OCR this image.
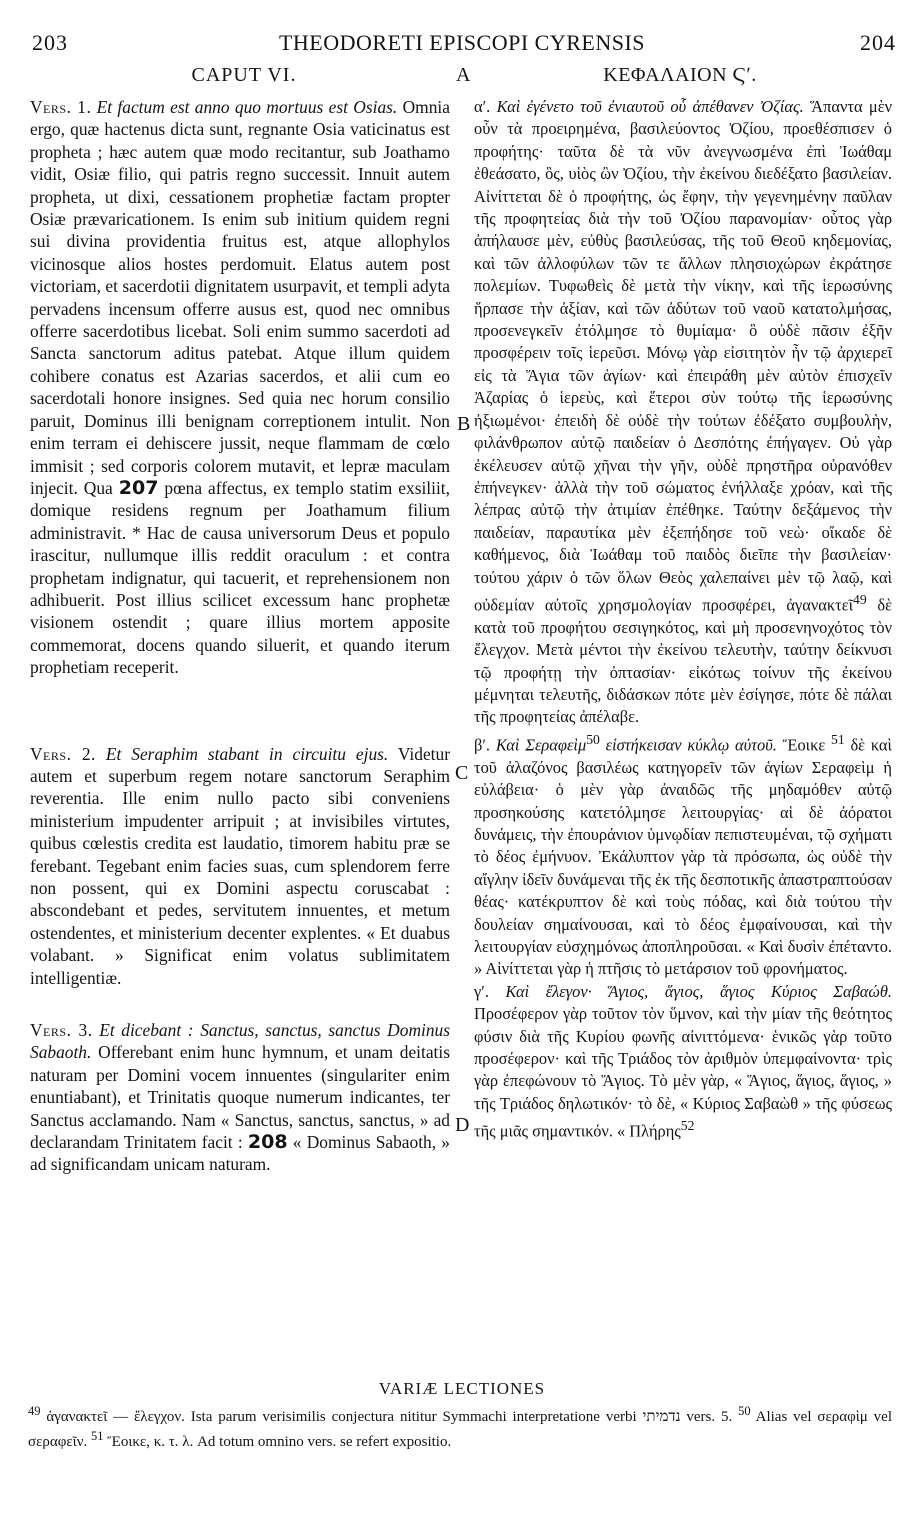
203	THEODORETI EPISCOPI CYRENSIS	204
CAPUT VI.	A	ΚΕΦΑΛΑΙΟΝ Ϛʹ.
B
C
D

Vers. 1. Et factum est anno quo mortuus est Osias. Omnia ergo, quæ hactenus dicta sunt, regnante Osia vaticinatus est propheta ; hæc autem quæ modo recitantur, sub Joathamo vidit, Osiæ filio, qui patris regno successit. Innuit autem propheta, ut dixi, cessationem prophetiæ factam propter Osiæ prævaricationem. Is enim sub initium quidem regni sui divina providentia fruitus est, atque allophylos vicinosque alios hostes perdomuit. Elatus autem post victoriam, et sacerdotii dignitatem usurpavit, et templi adyta pervadens incensum offerre ausus est, quod nec omnibus offerre sacerdotibus licebat. Soli enim summo sacerdoti ad Sancta sanctorum aditus patebat. Atque illum quidem cohibere conatus est Azarias sacerdos, et alii cum eo sacerdotali honore insignes. Sed quia nec horum consilio paruit, Dominus illi benignam correptionem intulit. Non enim terram ei dehiscere jussit, neque flammam de cœlo immisit ; sed corporis colorem mutavit, et lepræ maculam injecit. Qua 207 pœna affectus, ex templo statim exsiliit, domique residens regnum per Joathamum filium administravit. * Hac de causa universorum Deus et populo irascitur, nullumque illis reddit oraculum : et contra prophetam indignatur, qui tacuerit, et reprehensionem non adhibuerit. Post illius scilicet excessum hanc prophetæ visionem ostendit ; quare illius mortem apposite commemorat, docens quando siluerit, et quando iterum prophetiam receperit.

Vers. 2. Et Seraphim stabant in circuitu ejus. Videtur autem et superbum regem notare sanctorum Seraphim reverentia. Ille enim nullo pacto sibi conveniens ministerium impudenter arripuit ; at invisibiles virtutes, quibus cœlestis credita est laudatio, timorem habitu præ se ferebant. Tegebant enim facies suas, cum splendorem ferre non possent, qui ex Domini aspectu coruscabat : abscondebant et pedes, servitutem innuentes, et metum ostendentes, et ministerium decenter explentes. « Et duabus volabant. » Significat enim volatus sublimitatem intelligentiæ.

Vers. 3. Et dicebant : Sanctus, sanctus, sanctus Dominus Sabaoth. Offerebant enim hunc hymnum, et unam deitatis naturam per Domini vocem innuentes (singulariter enim enuntiabant), et Trinitatis quoque numerum indicantes, ter Sanctus acclamando. Nam « Sanctus, sanctus, sanctus, » ad declarandam Trinitatem facit : 208 « Dominus Sabaoth, » ad significandam unicam naturam.

αʹ. Καὶ ἐγένετο τοῦ ἐνιαυτοῦ οὗ ἀπέθανεν Ὀζίας. Ἅπαντα μὲν οὖν τὰ προειρημένα, βασιλεύοντος Ὀζίου, προεθέσπισεν ὁ προφήτης· ταῦτα δὲ τὰ νῦν ἀνεγνωσμένα ἐπὶ Ἰωάθαμ ἐθεάσατο, ὃς, υἱὸς ὢν Ὀζίου, τὴν ἐκείνου διεδέξατο βασιλείαν. Αἰνίττεται δὲ ὁ προφήτης, ὡς ἔφην, τὴν γεγενημένην παῦλαν τῆς προφητείας διὰ τὴν τοῦ Ὀζίου παρανομίαν· οὗτος γὰρ ἀπήλαυσε μὲν, εὐθὺς βασιλεύσας, τῆς τοῦ Θεοῦ κηδεμονίας, καὶ τῶν ἀλλοφύλων τῶν τε ἄλλων πλησιοχώρων ἐκράτησε πολεμίων. Τυφωθεὶς δὲ μετὰ τὴν νίκην, καὶ τῆς ἱερωσύνης ἥρπασε τὴν ἀξίαν, καὶ τῶν ἀδύτων τοῦ ναοῦ κατατολμήσας, προσενεγκεῖν ἐτόλμησε τὸ θυμίαμα· ὃ οὐδὲ πᾶσιν ἐξῆν προσφέρειν τοῖς ἱερεῦσι. Μόνῳ γὰρ εἰσιτητὸν ἦν τῷ ἀρχιερεῖ εἰς τὰ Ἅγια τῶν ἁγίων· καὶ ἐπειράθη μὲν αὐτὸν ἐπισχεῖν Ἀζαρίας ὁ ἱερεὺς, καὶ ἕτεροι σὺν τούτῳ τῆς ἱερωσύνης ἠξιωμένοι· ἐπειδὴ δὲ οὐδὲ τὴν τούτων ἐδέξατο συμβουλὴν, φιλάνθρωπον αὐτῷ παιδείαν ὁ Δεσπότης ἐπήγαγεν. Οὐ γὰρ ἐκέλευσεν αὐτῷ χῆναι τὴν γῆν, οὐδὲ πρηστῆρα οὐρανόθεν ἐπήνεγκεν· ἀλλὰ τὴν τοῦ σώματος ἐνήλλαξε χρόαν, καὶ τῆς λέπρας αὐτῷ τὴν ἀτιμίαν ἐπέθηκε. Ταύτην δεξάμενος τὴν παιδείαν, παραυτίκα μὲν ἐξεπήδησε τοῦ νεὼ· οἴκαδε δὲ καθήμενος, διὰ Ἰωάθαμ τοῦ παιδὸς διεῖπε τὴν βασιλείαν· τούτου χάριν ὁ τῶν ὅλων Θεὸς χαλεπαίνει μὲν τῷ λαῷ, καὶ οὐδεμίαν αὐτοῖς χρησμολογίαν προσφέρει, ἀγανακτεῖ$^{49}$ δὲ κατὰ τοῦ προφήτου σεσιγηκότος, καὶ μὴ προσενηνοχότος τὸν ἔλεγχον. Μετὰ μέντοι τὴν ἐκείνου τελευτὴν, ταύτην δείκνυσι τῷ προφήτῃ τὴν ὀπτασίαν· εἰκότως τοίνυν τῆς ἐκείνου μέμνηται τελευτῆς, διδάσκων πότε μὲν ἐσίγησε, πότε δὲ πάλαι τῆς προφητείας ἀπέλαβε.

βʹ. Καὶ Σεραφεὶμ$^{50}$ εἱστήκεισαν κύκλῳ αὐτοῦ. Ἔοικε $^{51}$ δὲ καὶ τοῦ ἀλαζόνος βασιλέως κατηγορεῖν τῶν ἁγίων Σεραφεὶμ ἡ εὐλάβεια· ὁ μὲν γὰρ ἀναιδῶς τῆς μηδαμόθεν αὐτῷ προσηκούσης κατετόλμησε λειτουργίας· αἱ δὲ ἀόρατοι δυνάμεις, τὴν ἐπουράνιον ὑμνῳδίαν πεπιστευμέναι, τῷ σχήματι τὸ δέος ἐμήνυον. Ἐκάλυπτον γὰρ τὰ πρόσωπα, ὡς οὐδὲ τὴν αἴγλην ἰδεῖν δυνάμεναι τῆς ἐκ τῆς δεσποτικῆς ἀπαστραπτούσαν θέας· κατέκρυπτον δὲ καὶ τοὺς πόδας, καὶ διὰ τούτου τὴν δουλείαν σημαίνουσαι, καὶ τὸ δέος ἐμφαίνουσαι, καὶ τὴν λειτουργίαν εὐσχημόνως ἀποπληροῦσαι. « Καὶ δυσὶν ἐπέταντο. » Αἰνίττεται γὰρ ἡ πτῆσις τὸ μετάρσιον τοῦ φρονήματος.

γʹ. Καὶ ἔλεγον· Ἅγιος, ἅγιος, ἅγιος Κύριος Σαβαώθ. Προσέφερον γὰρ τοῦτον τὸν ὕμνον, καὶ τὴν μίαν τῆς θεότητος φύσιν διὰ τῆς Κυρίου φωνῆς αἰνιττόμενα· ἑνικῶς γὰρ τοῦτο προσέφερον· καὶ τῆς Τριάδος τὸν ἀριθμὸν ὑπεμφαίνοντα· τρὶς γὰρ ἐπεφώνουν τὸ Ἅγιος. Τὸ μὲν γὰρ, « Ἅγιος, ἅγιος, ἅγιος, » τῆς Τριάδος δηλωτικόν· τὸ δὲ, « Κύριος Σαβαὼθ » τῆς φύσεως τῆς μιᾶς σημαντικόν. « Πλήρης$^{52}$

VARIÆ LECTIONES

$^{49}$ ἀγανακτεῖ — ἔλεγχον. Ista parum verisimilis conjectura nititur Symmachi interpretatione verbi נדמיתי vers. 5. $^{50}$ Alias vel σεραφὶμ vel σεραφεῖν. $^{51}$ Ἔοικε, κ. τ. λ. Ad totum omnino vers. se refert expositio.
